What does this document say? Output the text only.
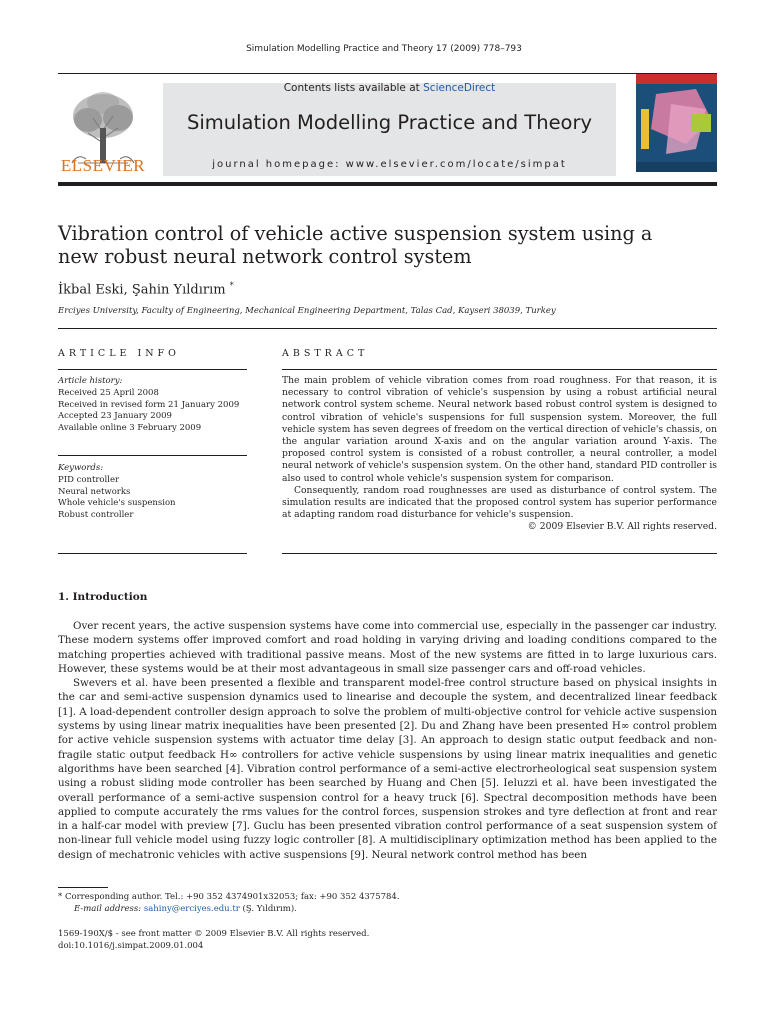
Simulation Modelling Practice and Theory 17 (2009) 778–793
ELSEVIER
Contents lists available at ScienceDirect
Simulation Modelling Practice and Theory
journal homepage: www.elsevier.com/locate/simpat
Vibration control of vehicle active suspension system using a new robust neural network control system
İkbal Eski, Şahin Yıldırım *
Erciyes University, Faculty of Engineering, Mechanical Engineering Department, Talas Cad, Kayseri 38039, Turkey
ARTICLE INFO	ABSTRACT
Article history:
Received 25 April 2008
Received in revised form 21 January 2009
Accepted 23 January 2009
Available online 3 February 2009
Keywords:
PID controller
Neural networks
Whole vehicle's suspension
Robust controller

The main problem of vehicle vibration comes from road roughness. For that reason, it is necessary to control vibration of vehicle's suspension by using a robust artificial neural network control system scheme. Neural network based robust control system is designed to control vibration of vehicle's suspensions for full suspension system. Moreover, the full vehicle system has seven degrees of freedom on the vertical direction of vehicle's chassis, on the angular variation around X-axis and on the angular variation around Y-axis. The proposed control system is consisted of a robust controller, a neural controller, a model neural network of vehicle's suspension system. On the other hand, standard PID controller is also used to control whole vehicle's suspension system for comparison.

Consequently, random road roughnesses are used as disturbance of control system. The simulation results are indicated that the proposed control system has superior performance at adapting random road disturbance for vehicle's suspension.

© 2009 Elsevier B.V. All rights reserved.
1. Introduction

Over recent years, the active suspension systems have come into commercial use, especially in the passenger car industry. These modern systems offer improved comfort and road holding in varying driving and loading conditions compared to the matching properties achieved with traditional passive means. Most of the new systems are fitted in to large luxurious cars. However, these systems would be at their most advantageous in small size passenger cars and off-road vehicles.

Swevers et al. have been presented a flexible and transparent model-free control structure based on physical insights in the car and semi-active suspension dynamics used to linearise and decouple the system, and decentralized linear feedback [1]. A load-dependent controller design approach to solve the problem of multi-objective control for vehicle active suspension systems by using linear matrix inequalities have been presented [2]. Du and Zhang have been presented H∞ control problem for active vehicle suspension systems with actuator time delay [3]. An approach to design static output feedback and non-fragile static output feedback H∞ controllers for active vehicle suspensions by using linear matrix inequalities and genetic algorithms have been searched [4]. Vibration control performance of a semi-active electrorheological seat suspension system using a robust sliding mode controller has been searched by Huang and Chen [5]. Ieluzzi et al. have been investigated the overall performance of a semi-active suspension control for a heavy truck [6]. Spectral decomposition methods have been applied to compute accurately the rms values for the control forces, suspension strokes and tyre deflection at front and rear in a half-car model with preview [7]. Guclu has been presented vibration control performance of a seat suspension system of non-linear full vehicle model using fuzzy logic controller [8]. A multidisciplinary optimization method has been applied to the design of mechatronic vehicles with active suspensions [9]. Neural network control method has been

* Corresponding author. Tel.: +90 352 4374901x32053; fax: +90 352 4375784.
E-mail address: sahiny@erciyes.edu.tr (Ş. Yıldırım).
1569-190X/$ - see front matter © 2009 Elsevier B.V. All rights reserved.
doi:10.1016/j.simpat.2009.01.004
